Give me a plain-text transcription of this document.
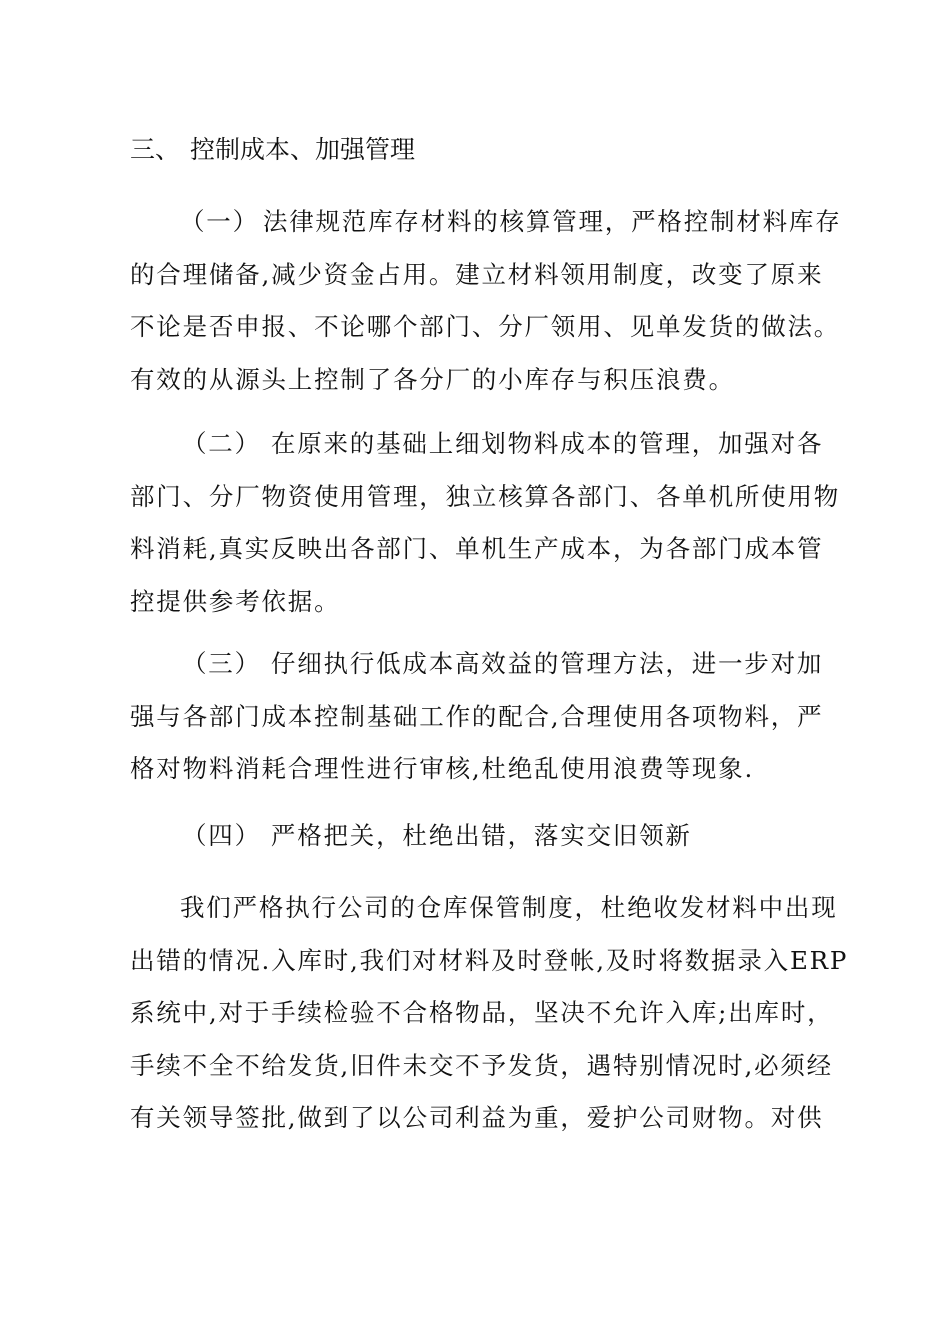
三、 控制成本、加强管理
（一） 法律规范库存材料的核算管理，严格控制材料库存
的合理储备,减少资金占用。建立材料领用制度，改变了原来
不论是否申报、不论哪个部门、分厂领用、见单发货的做法。
有效的从源头上控制了各分厂的小库存与积压浪费。
（二） 在原来的基础上细划物料成本的管理，加强对各
部门、分厂物资使用管理，独立核算各部门、各单机所使用物
料消耗,真实反映出各部门、单机生产成本，为各部门成本管
控提供参考依据。
（三） 仔细执行低成本高效益的管理方法，进一步对加
强与各部门成本控制基础工作的配合,合理使用各项物料，严
格对物料消耗合理性进行审核,杜绝乱使用浪费等现象.
（四） 严格把关，杜绝出错，落实交旧领新
我们严格执行公司的仓库保管制度，杜绝收发材料中出现
出错的情况.入库时,我们对材料及时登帐,及时将数据录入ERP
系统中,对于手续检验不合格物品，坚决不允许入库;出库时，
手续不全不给发货,旧件未交不予发货，遇特别情况时,必须经
有关领导签批,做到了以公司利益为重，爱护公司财物。对供
